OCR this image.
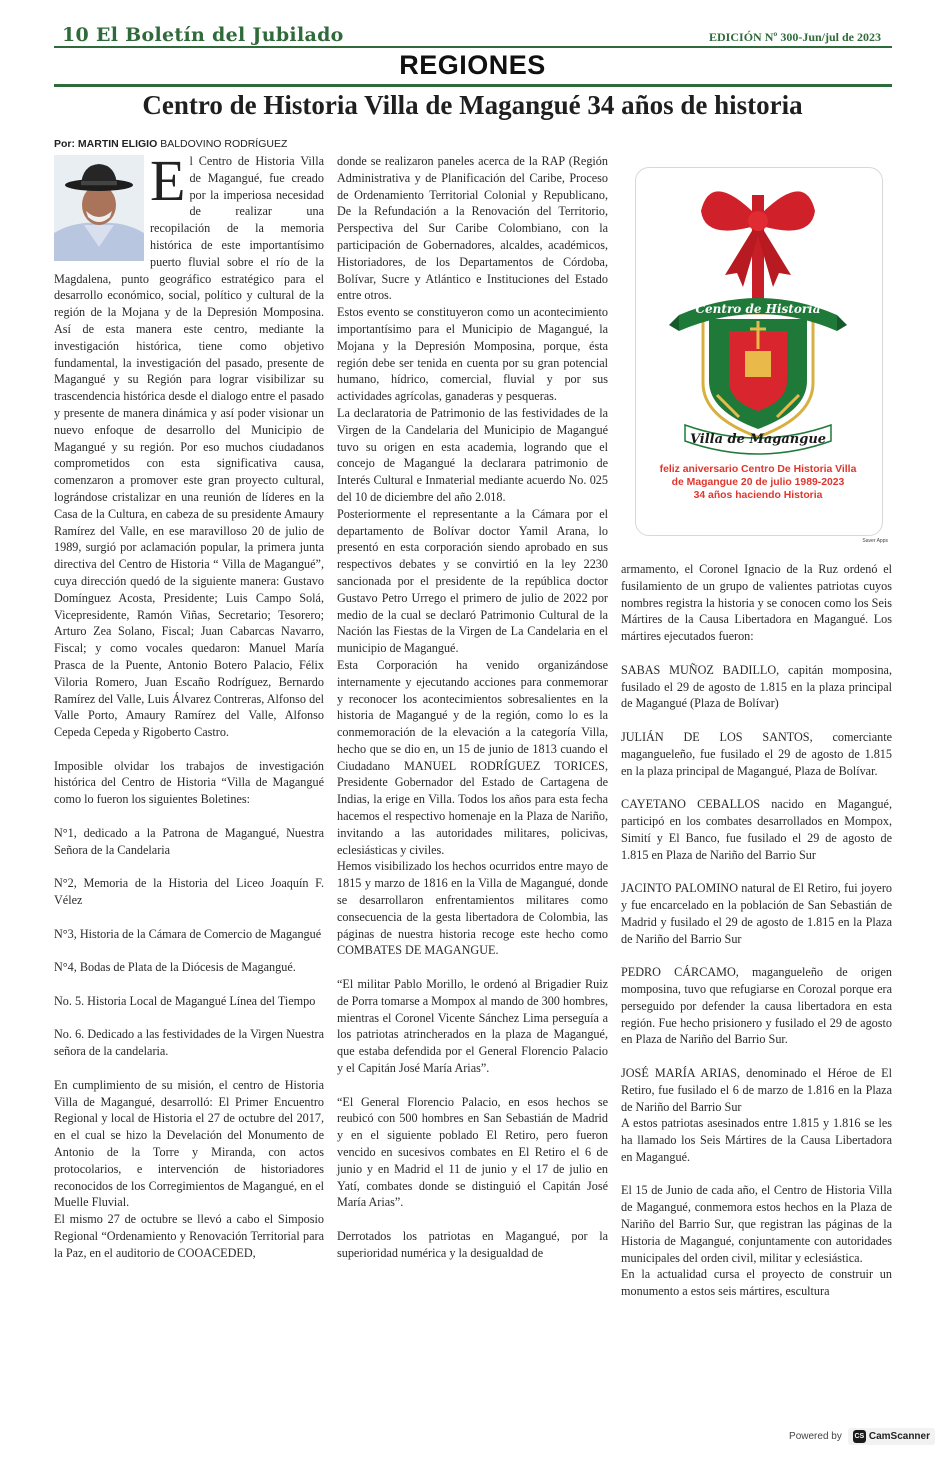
10 El Boletín del Jubilado	EDICIÓN Nº 300-Jun/jul de 2023
REGIONES
Centro de Historia Villa de Magangué 34 años de historia
Por: MARTIN ELIGIO BALDOVINO RODRÍGUEZ
E l Centro de Historia Villa de Magangué, fue creado por la imperiosa necesidad de realizar una recopilación de la memoria histórica de este importantísimo puerto fluvial sobre el río de la Magdalena, punto geográfico estratégico para el desarrollo económico, social, político y cultural de la región de la Mojana y de la Depresión Momposina. Así de esta manera este centro, mediante la investigación histórica, tiene como objetivo fundamental, la investigación del pasado, presente de Magangué y su Región para lograr visibilizar su trascendencia histórica desde el dialogo entre el pasado y presente de manera dinámica y así poder visionar un nuevo enfoque de desarrollo del Municipio de Magangué y su región. Por eso muchos ciudadanos comprometidos con esta significativa causa, comenzaron a promover este gran proyecto cultural, lográndose cristalizar en una reunión de líderes en la Casa de la Cultura, en cabeza de su presidente Amaury Ramírez del Valle, en ese maravilloso 20 de julio de 1989, surgió por aclamación popular, la primera junta directiva del Centro de Historia “ Villa de Magangué”, cuya dirección quedó de la siguiente manera: Gustavo Domínguez Acosta, Presidente; Luis Campo Solá, Vicepresidente, Ramón Viñas, Secretario; Tesorero; Arturo Zea Solano, Fiscal; Juan Cabarcas Navarro, Fiscal; y como vocales quedaron: Manuel María Prasca de la Puente, Antonio Botero Palacio, Félix Viloria Romero, Juan Escaño Rodríguez, Bernardo Ramírez del Valle, Luis Álvarez Contreras, Alfonso del Valle Porto, Amaury Ramírez del Valle, Alfonso Cepeda Cepeda y Rigoberto Castro.

Imposible olvidar los trabajos de investigación histórica del Centro de Historia “Villa de Magangué como lo fueron los siguientes Boletines:

N°1, dedicado a la Patrona de Magangué, Nuestra Señora de la Candelaria

N°2, Memoria de la Historia del Liceo Joaquín F. Vélez

N°3, Historia de la Cámara de Comercio de Magangué

N°4, Bodas de Plata de la Diócesis de Magangué.

No. 5. Historia Local de Magangué Línea del Tiempo

No. 6. Dedicado a las festividades de la Virgen Nuestra señora de la candelaria.

En cumplimiento de su misión, el centro de Historia Villa de Magangué, desarrolló: El Primer Encuentro Regional y local de Historia el 27 de octubre del 2017, en el cual se hizo la Develación del Monumento de Antonio de la Torre y Miranda, con actos protocolarios, e intervención de historiadores reconocidos de los Corregimientos de Magangué, en el Muelle Fluvial.

El mismo 27 de octubre se llevó a cabo el Simposio Regional “Ordenamiento y Renovación Territorial para la Paz, en el auditorio de COOACEDED,

donde se realizaron paneles acerca de la RAP (Región Administrativa y de Planificación del Caribe, Proceso de Ordenamiento Territorial Colonial y Republicano, De la Refundación a la Renovación del Territorio, Perspectiva del Sur Caribe Colombiano, con la participación de Gobernadores, alcaldes, académicos, Historiadores, de los Departamentos de Córdoba, Bolívar, Sucre y Atlántico e Instituciones del Estado entre otros.

Estos evento se constituyeron como un acontecimiento importantísimo para el Municipio de Magangué, la Mojana y la Depresión Momposina, porque, ésta región debe ser tenida en cuenta por su gran potencial humano, hídrico, comercial, fluvial y por sus actividades agrícolas, ganaderas y pesqueras.

La declaratoria de Patrimonio de las festividades de la Virgen de la Candelaria del Municipio de Magangué tuvo su origen en esta academia, logrando que el concejo de Magangué la declarara patrimonio de Interés Cultural e Inmaterial mediante acuerdo No. 025 del 10 de diciembre del año 2.018.

Posteriormente el representante a la Cámara por el departamento de Bolívar doctor Yamil Arana, lo presentó en esta corporación siendo aprobado en sus respectivos debates y se convirtió en la ley 2230 sancionada por el presidente de la república doctor Gustavo Petro Urrego el primero de julio de 2022 por medio de la cual se declaró Patrimonio Cultural de la Nación las Fiestas de la Virgen de La Candelaria en el municipio de Magangué.

Esta Corporación ha venido organizándose internamente y ejecutando acciones para conmemorar y reconocer los acontecimientos sobresalientes en la historia de Magangué y de la región, como lo es la conmemoración de la elevación a la categoría Villa, hecho que se dio en, un 15 de junio de 1813 cuando el Ciudadano MANUEL RODRÍGUEZ TORICES, Presidente Gobernador del Estado de Cartagena de Indias, la erige en Villa. Todos los años para esta fecha hacemos el respectivo homenaje en la Plaza de Nariño, invitando a las autoridades militares, policivas, eclesiásticas y civiles.

Hemos visibilizado los hechos ocurridos entre mayo de 1815 y marzo de 1816 en la Villa de Magangué, donde se desarrollaron enfrentamientos militares como consecuencia de la gesta libertadora de Colombia, las páginas de nuestra historia recoge este hecho como COMBATES DE MAGANGUE.

“El militar Pablo Morillo, le ordenó al Brigadier Ruiz de Porra tomarse a Mompox al mando de 300 hombres, mientras el Coronel Vicente Sánchez Lima perseguía a los patriotas atrincherados en la plaza de Magangué, que estaba defendida por el General Florencio Palacio y el Capitán José María Arias”.

“El General Florencio Palacio, en esos hechos se reubicó con 500 hombres en San Sebastián de Madrid y en el siguiente poblado El Retiro, pero fueron vencido en sucesivos combates en El Retiro el 6 de junio y en Madrid el 11 de junio y el 17 de julio en Yatí, combates donde se distinguió el Capitán José María Arias”.

Derrotados los patriotas en Magangué, por la superioridad numérica y la desigualdad de

Centro de Historia
Villa de Magangue
feliz aniversario Centro De Historia Villa
de Magangue 20 de julio 1989-2023
34 años haciendo Historia
Saver Apps

armamento, el Coronel Ignacio de la Ruz ordenó el fusilamiento de un grupo de valientes patriotas cuyos nombres registra la historia y se conocen como los Seis Mártires de la Causa Libertadora en Magangué. Los mártires ejecutados fueron:

SABAS MUÑOZ BADILLO, capitán momposina, fusilado el 29 de agosto de 1.815 en la plaza principal de Magangué (Plaza de Bolívar)

JULIÁN DE LOS SANTOS, comerciante magangueleño, fue fusilado el 29 de agosto de 1.815 en la plaza principal de Magangué, Plaza de Bolívar.

CAYETANO CEBALLOS nacido en Magangué, participó en los combates desarrollados en Mompox, Simití y El Banco, fue fusilado el 29 de agosto de 1.815 en Plaza de Nariño del Barrio Sur

JACINTO PALOMINO natural de El Retiro, fui joyero y fue encarcelado en la población de San Sebastián de Madrid y fusilado el 29 de agosto de 1.815 en la Plaza de Nariño del Barrio Sur

PEDRO CÁRCAMO, magangueleño de origen momposina, tuvo que refugiarse en Corozal porque era perseguido por defender la causa libertadora en esta región. Fue hecho prisionero y fusilado el 29 de agosto en Plaza de Nariño del Barrio Sur.

JOSÉ MARÍA ARIAS, denominado el Héroe de El Retiro, fue fusilado el 6 de marzo de 1.816 en la Plaza de Nariño del Barrio Sur

A estos patriotas asesinados entre 1.815 y 1.816 se les ha llamado los Seis Mártires de la Causa Libertadora en Magangué.

El 15 de Junio de cada año, el Centro de Historia Villa de Magangué, conmemora estos hechos en la Plaza de Nariño del Barrio Sur, que registran las páginas de la Historia de Magangué, conjuntamente con autoridades municipales del orden civil, militar y eclesiástica.

En la actualidad cursa el proyecto de construir un monumento a estos seis mártires, escultura

Powered by CS CamScanner
